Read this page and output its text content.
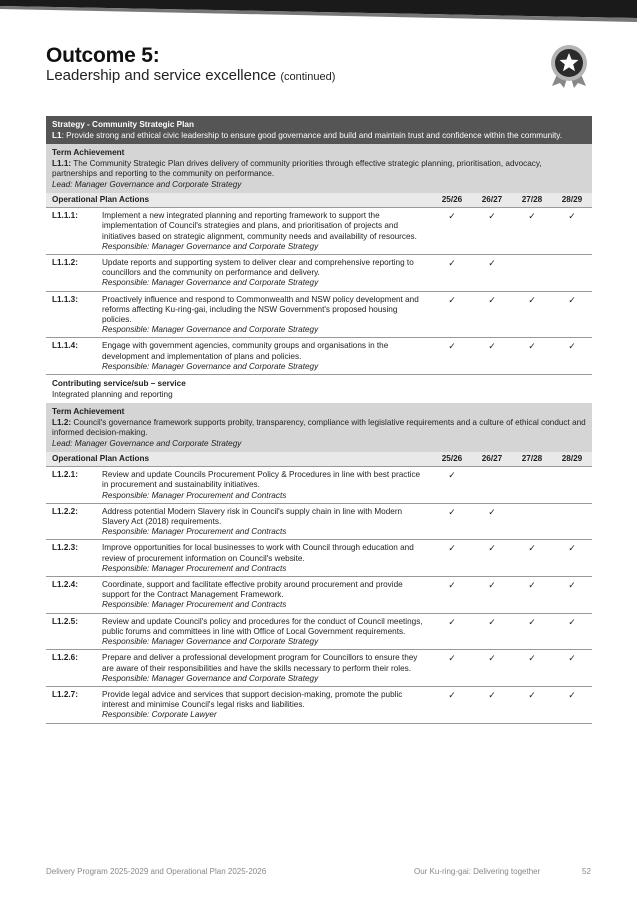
Outcome 5:
Leadership and service excellence (continued)
Strategy - Community Strategic Plan
L1: Provide strong and ethical civic leadership to ensure good governance and build and maintain trust and confidence within the community.
Term Achievement
L1.1: The Community Strategic Plan drives delivery of community priorities through effective strategic planning, prioritisation, advocacy, partnerships and reporting to the community on performance.
Lead: Manager Governance and Corporate Strategy
Operational Plan Actions		25/26	26/27	27/28	28/29
L1.1.1:	Implement a new integrated planning and reporting framework to support the implementation of Council's strategies and plans, and prioritisation of projects and initiatives based on strategic alignment, community needs and availability of resources.
Responsible: Manager Governance and Corporate Strategy	✓	✓	✓	✓
L1.1.2:	Update reports and supporting system to deliver clear and comprehensive reporting to councillors and the community on performance and delivery.
Responsible: Manager Governance and Corporate Strategy	✓	✓		
L1.1.3:	Proactively influence and respond to Commonwealth and NSW policy development and reforms affecting Ku-ring-gai, including the NSW Government's proposed housing policies.
Responsible: Manager Governance and Corporate Strategy	✓	✓	✓	✓
L1.1.4:	Engage with government agencies, community groups and organisations in the development and implementation of plans and policies.
Responsible: Manager Governance and Corporate Strategy	✓	✓	✓	✓
Contributing service/sub – service
Integrated planning and reporting
Term Achievement
L1.2: Council's governance framework supports probity, transparency, compliance with legislative requirements and a culture of ethical conduct and informed decision-making.
Lead: Manager Governance and Corporate Strategy
Operational Plan Actions		25/26	26/27	27/28	28/29
L1.2.1:	Review and update Councils Procurement Policy & Procedures in line with best practice in procurement and sustainability initiatives.
Responsible: Manager Procurement and Contracts	✓			
L1.2.2:	Address potential Modern Slavery risk in Council's supply chain in line with Modern Slavery Act (2018) requirements.
Responsible: Manager Procurement and Contracts	✓	✓		
L1.2.3:	Improve opportunities for local businesses to work with Council through education and review of procurement information on Council's website.
Responsible: Manager Procurement and Contracts	✓	✓	✓	✓
L1.2.4:	Coordinate, support and facilitate effective probity around procurement and provide support for the Contract Management Framework.
Responsible: Manager Procurement and Contracts	✓	✓	✓	✓
L1.2.5:	Review and update Council's policy and procedures for the conduct of Council meetings, public forums and committees in line with Office of Local Government requirements.
Responsible: Manager Governance and Corporate Strategy	✓	✓	✓	✓
L1.2.6:	Prepare and deliver a professional development program for Councillors to ensure they are aware of their responsibilities and have the skills necessary to perform their roles.
Responsible: Manager Governance and Corporate Strategy	✓	✓	✓	✓
L1.2.7:	Provide legal advice and services that support decision-making, promote the public interest and minimise Council's legal risks and liabilities.
Responsible: Corporate Lawyer	✓	✓	✓	✓
Delivery Program 2025-2029 and Operational Plan 2025-2026	Our Ku-ring-gai: Delivering together	52
